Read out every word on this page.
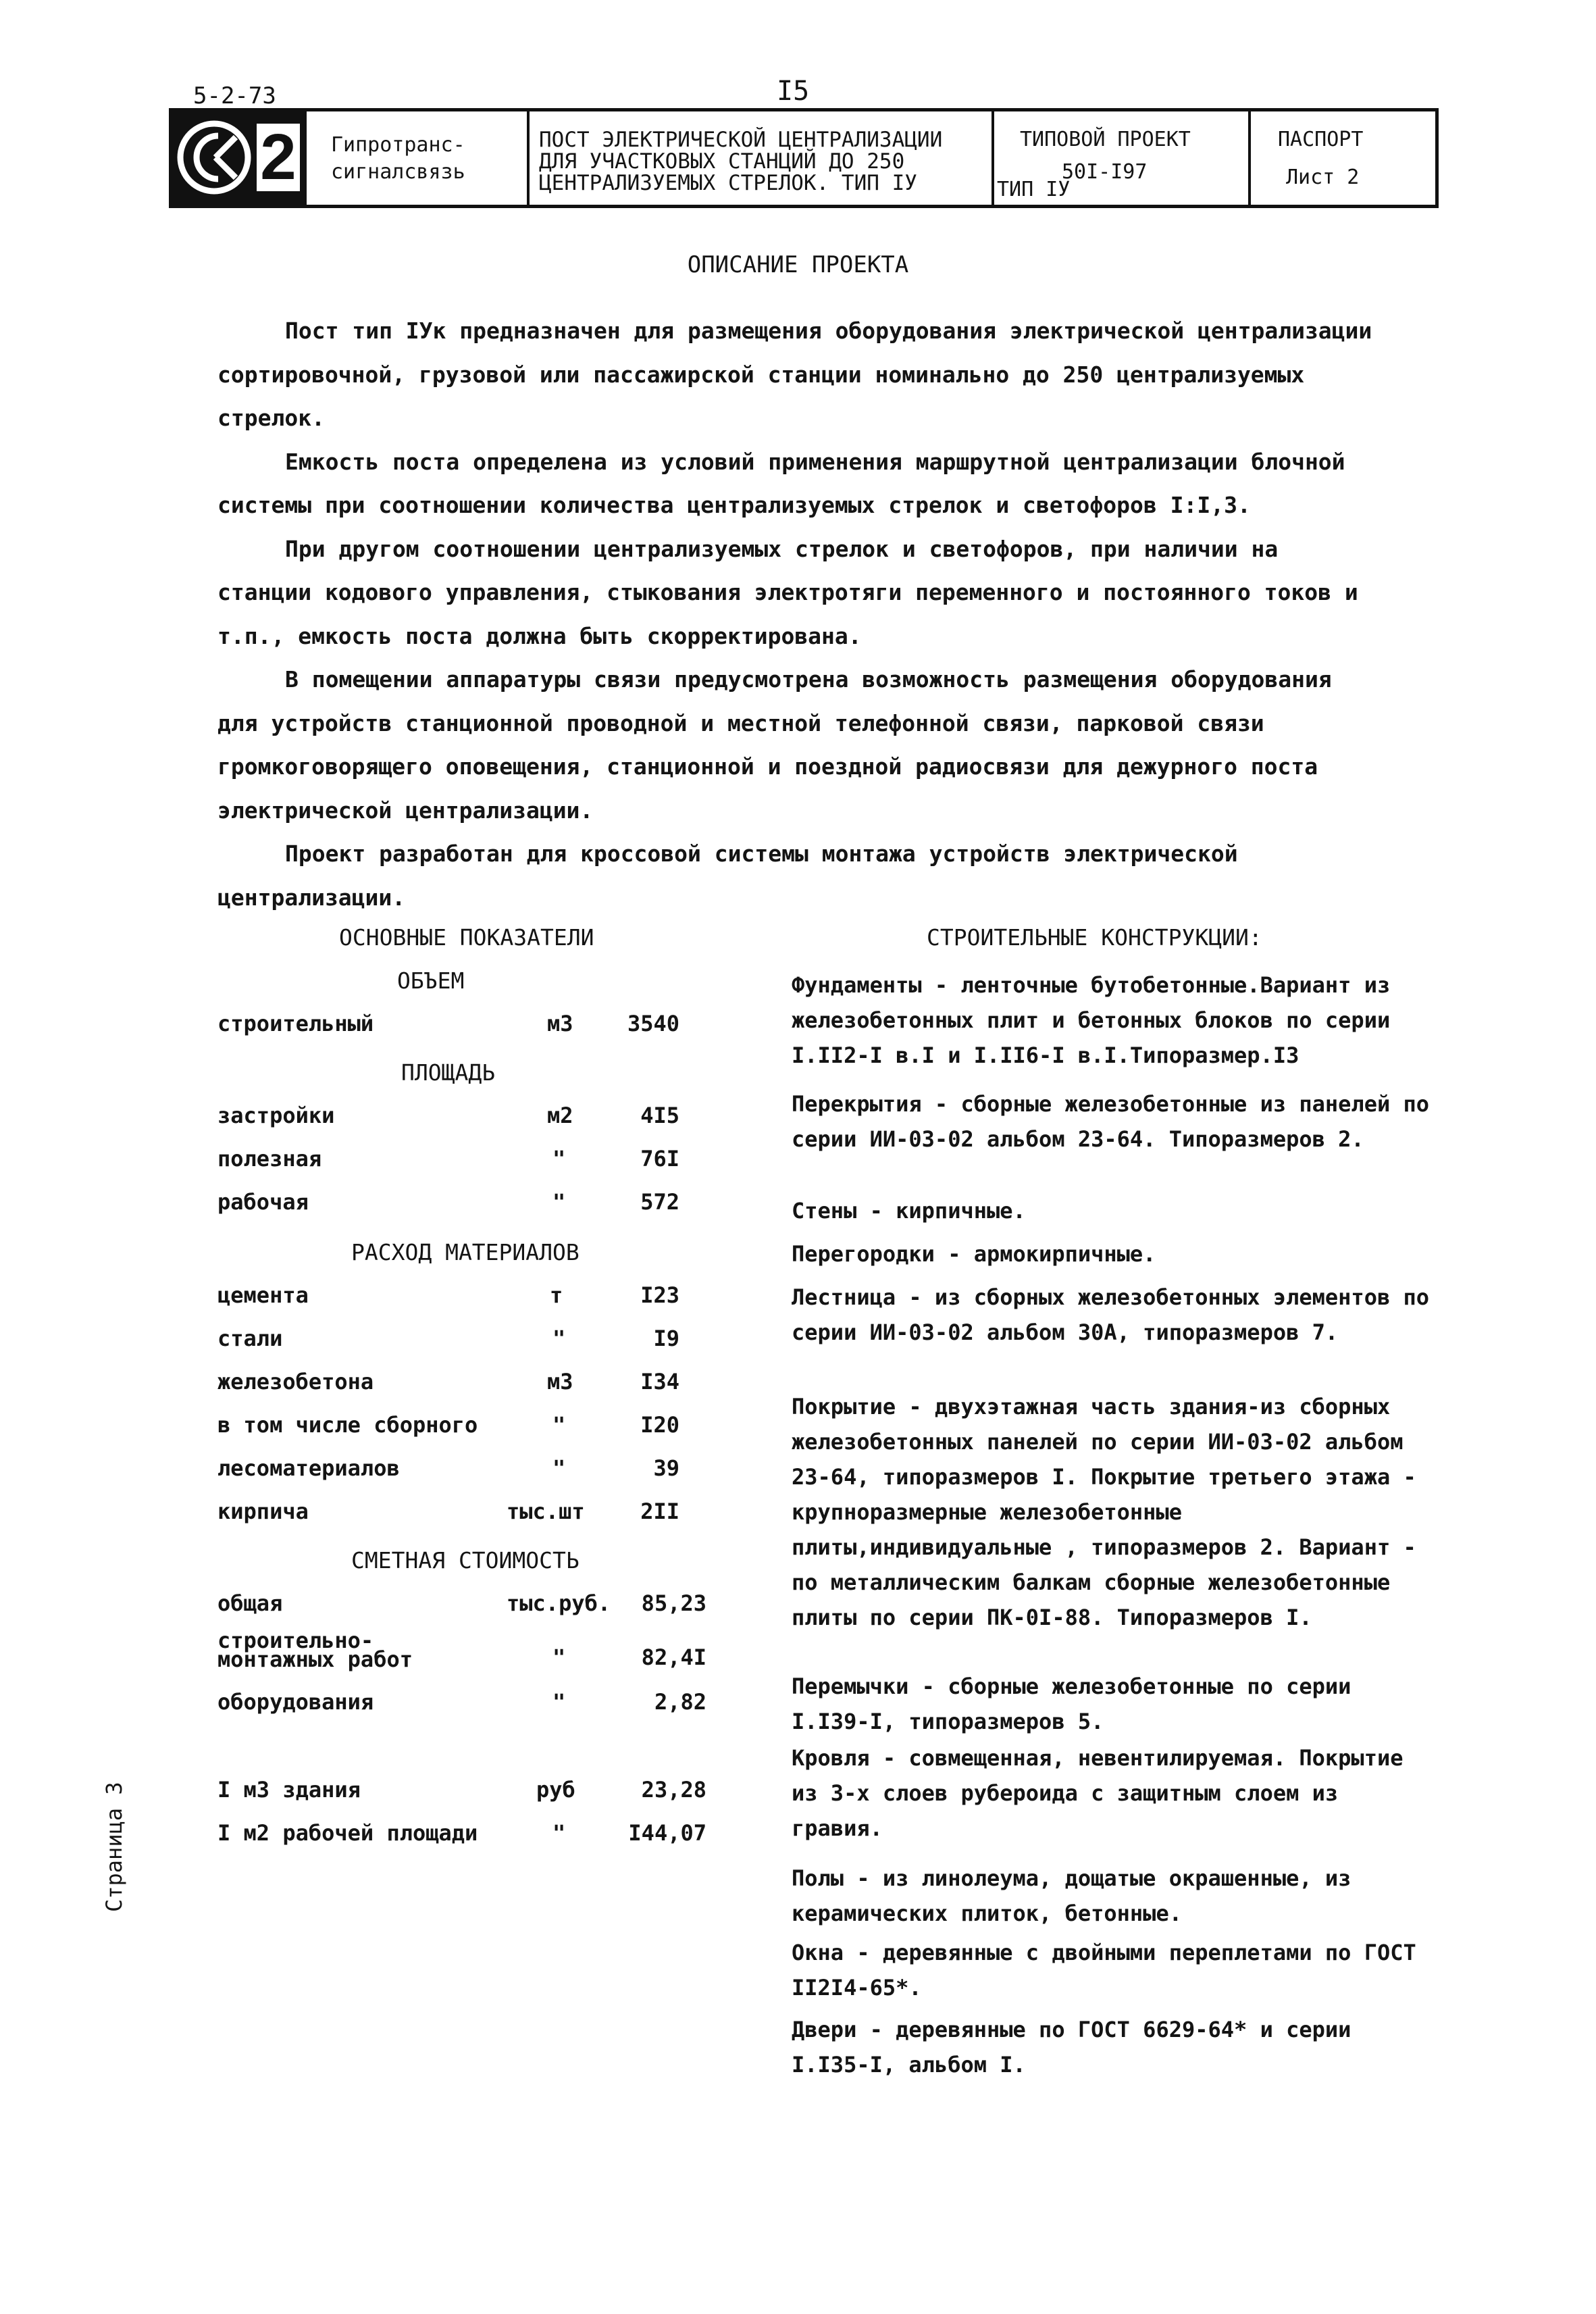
5-2-73	I5
2 Гипротранс-
сигналсвязь
ПОСТ ЭЛЕКТРИЧЕСКОЙ ЦЕНТРАЛИЗАЦИИ
ДЛЯ УЧАСТКОВЫХ СТАНЦИЙ ДО 250
ЦЕНТРАЛИЗУЕМЫХ СТРЕЛОК. ТИП IУ
ТИПОВОЙ ПРОЕКТ
50I-I97
ТИП IУ
ПАСПОРТ
Лист 2
ОПИСАНИЕ ПРОЕКТА

Пост тип IУк предназначен для размещения оборудования электрической централизации сортировочной, грузовой или пассажирской станции номинально до 250 централизуемых стрелок.

Емкость поста определена из условий применения маршрутной централизации блочной системы при соотношении количества централизуемых стрелок и светофоров I:I,3.

При другом соотношении централизуемых стрелок и светофоров, при наличии на станции кодового управления, стыкования электротяги переменного и постоянного токов и т.п., емкость поста должна быть скорректирована.

В помещении аппаратуры связи предусмотрена возможность размещения оборудования для устройств станционной проводной и местной телефонной связи, парковой связи громкоговорящего оповещения, станционной и поездной радиосвязи для дежурного поста электрической централизации.

Проект разработан для кроссовой системы монтажа устройств электрической централизации.

ОСНОВНЫЕ ПОКАЗАТЕЛИ
ОБЪЕМ
строительный	м3	3540
ПЛОЩАДЬ
застройки	м2	4I5
полезная	"	76I
рабочая	"	572
РАСХОД МАТЕРИАЛОВ
цемента	т	I23
стали	"	I9
железобетона	м3	I34
в том числе сборного	"	I20
лесоматериалов	"	39
кирпича	тыс.шт	2II
СМЕТНАЯ СТОИМОСТЬ
общая	тыс.руб.	85,23
строительно-монтажных работ	"	82,4I
оборудования	"	2,82
I м3 здания	руб	23,28
I м2 рабочей площади	"	I44,07
СТРОИТЕЛЬНЫЕ КОНСТРУКЦИИ:
Фундаменты - ленточные бутобетонные.Вариант из железобетонных плит и бетонных блоков по серии I.II2-I в.I и I.II6-I в.I.Типоразмер.I3
Перекрытия - сборные железобетонные из панелей по серии ИИ-03-02 альбом 23-64. Типоразмеров 2.
Стены - кирпичные.
Перегородки - армокирпичные.
Лестница - из сборных железобетонных элементов по серии ИИ-03-02 альбом 30А, типоразмеров 7.
Покрытие - двухэтажная часть здания-из сборных железобетонных панелей по серии ИИ-03-02 альбом 23-64, типоразмеров I. Покрытие третьего этажа - крупноразмерные железобетонные плиты,индивидуальные , типоразмеров 2. Вариант - по металлическим балкам сборные железобетонные плиты по серии ПК-0I-88. Типоразмеров I.
Перемычки - сборные железобетонные по серии I.I39-I, типоразмеров 5.
Кровля - совмещенная, невентилируемая. Покрытие из 3-х слоев рубероида с защитным слоем из гравия.
Полы - из линолеума, дощатые окрашенные, из керамических плиток, бетонные.
Окна - деревянные с двойными переплетами по ГОСТ II2I4-65*.
Двери - деревянные по ГОСТ 6629-64* и серии I.I35-I, альбом I.
Страница 3
